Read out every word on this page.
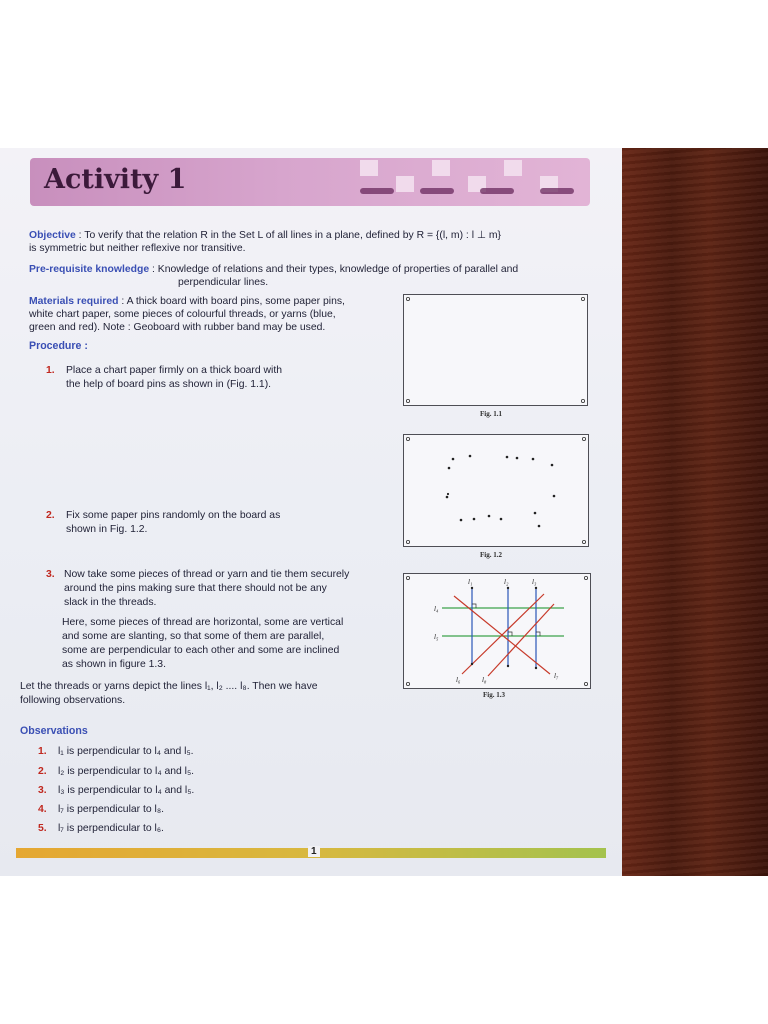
Activity 1
Objective : To verify that the relation R in the Set L of all lines in a plane, defined by R = {(l, m) : l ⊥ m}
is symmetric but neither reflexive nor transitive.
Pre-requisite knowledge : Knowledge of relations and their types, knowledge of properties of parallel and
perpendicular lines.
Materials required : A thick board with board pins, some paper pins,
white chart paper, some pieces of colourful threads, or yarns (blue,
green and red). Note : Geoboard with rubber band may be used.
Procedure :
1. Place a chart paper firmly on a thick board with
the help of board pins as shown in (Fig. 1.1).
2. Fix some paper pins randomly on the board as
shown in Fig. 1.2.
3. Now take some pieces of thread or yarn and tie them securely
around the pins making sure that there should not be any
slack in the threads.
Here, some pieces of thread are horizontal, some are vertical
and some are slanting, so that some of them are parallel,
some are perpendicular to each other and some are inclined
as shown in figure 1.3.
Let the threads or yarns depict the lines l₁, l₂ .... l₈. Then we have
following observations.
Observations
1. l₁ is perpendicular to l₄ and l₅.
2. l₂ is perpendicular to l₄ and l₅.
3. l₃ is perpendicular to l₄ and l₅.
4. l₇ is perpendicular to l₈.
5. l₇ is perpendicular to l₆.
Fig. 1.1
Fig. 1.2
l₁	l₂	l₃
l₄
l₅
l₆	l₈	l₇
Fig. 1.3
1
